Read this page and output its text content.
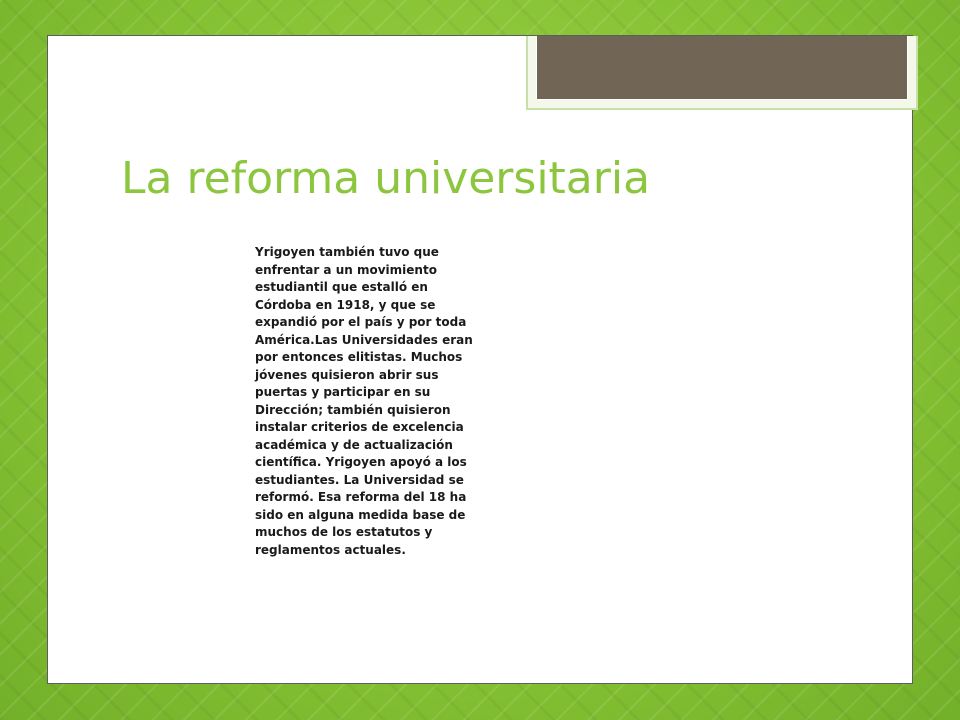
La reforma universitaria

Yrigoyen también tuvo que enfrentar a un movimiento estudiantil que estalló en Córdoba en 1918, y que se expandió por el país y por toda América.Las Universidades eran por entonces elitistas. Muchos jóvenes quisieron abrir sus puertas y participar en su Dirección; también quisieron instalar criterios de excelencia académica y de actualización científica. Yrigoyen apoyó a los estudiantes. La Universidad se reformó. Esa reforma del 18 ha sido en alguna medida base de muchos de los estatutos y reglamentos actuales.
